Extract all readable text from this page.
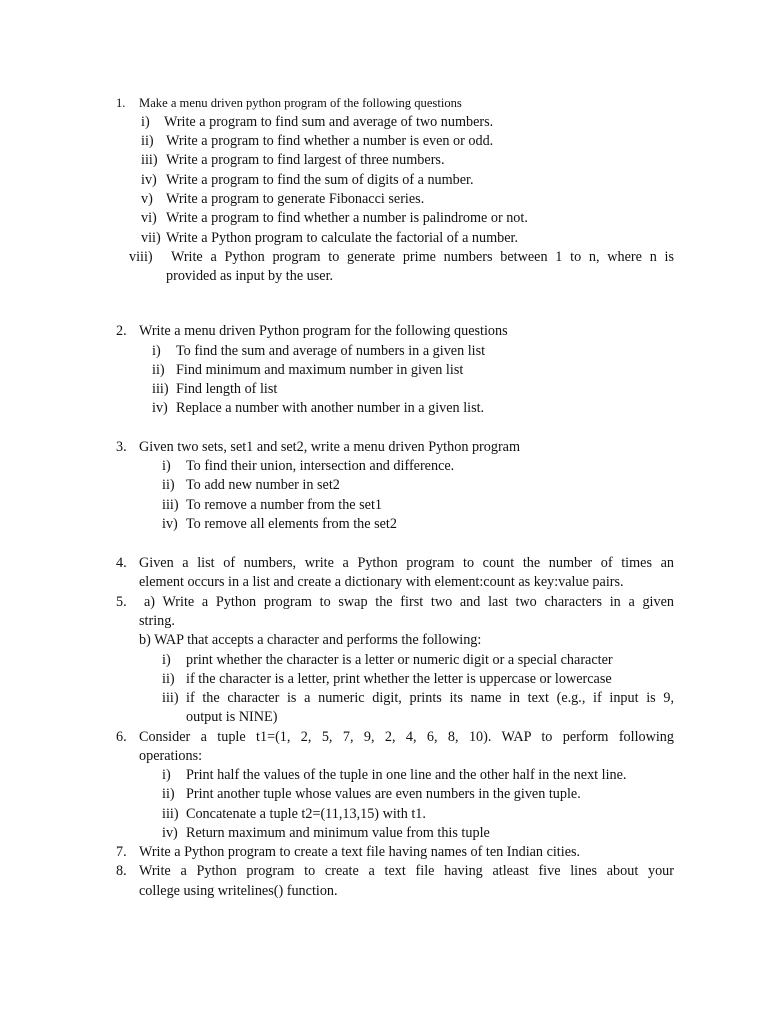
1. Make a menu driven python program of the following questions
i) Write a program to find sum and average of two numbers.
ii) Write a program to find whether a number is even or odd.
iii) Write a program to find largest of three numbers.
iv) Write a program to find the sum of digits of a number.
v) Write a program to generate Fibonacci series.
vi) Write a program to find whether a number is palindrome or not.
vii) Write a Python program to calculate the factorial of a number.
viii) Write a Python program to generate prime numbers between 1 to n, where n is
provided as input by the user.
2. Write a menu driven Python program for the following questions
i) To find the sum and average of numbers in a given list
ii) Find minimum and maximum number in given list
iii) Find length of list
iv) Replace a number with another number in a given list.
3. Given two sets, set1 and set2, write a menu driven Python program
i) To find their union, intersection and difference.
ii) To add new number in set2
iii) To remove a number from the set1
iv) To remove all elements from the set2
4. Given a list of numbers, write a Python program to count the number of times an
element occurs in a list and create a dictionary with element:count as key:value pairs.
5. a) Write a Python program to swap the first two and last two characters in a given
string.
b) WAP that accepts a character and performs the following:
i) print whether the character is a letter or numeric digit or a special character
ii) if the character is a letter, print whether the letter is uppercase or lowercase
iii) if the character is a numeric digit, prints its name in text (e.g., if input is 9,
output is NINE)
6. Consider a tuple t1=(1, 2, 5, 7, 9, 2, 4, 6, 8, 10). WAP to perform following
operations:
i) Print half the values of the tuple in one line and the other half in the next line.
ii) Print another tuple whose values are even numbers in the given tuple.
iii) Concatenate a tuple t2=(11,13,15) with t1.
iv) Return maximum and minimum value from this tuple
7. Write a Python program to create a text file having names of ten Indian cities.
8. Write a Python program to create a text file having atleast five lines about your
college using writelines() function.
